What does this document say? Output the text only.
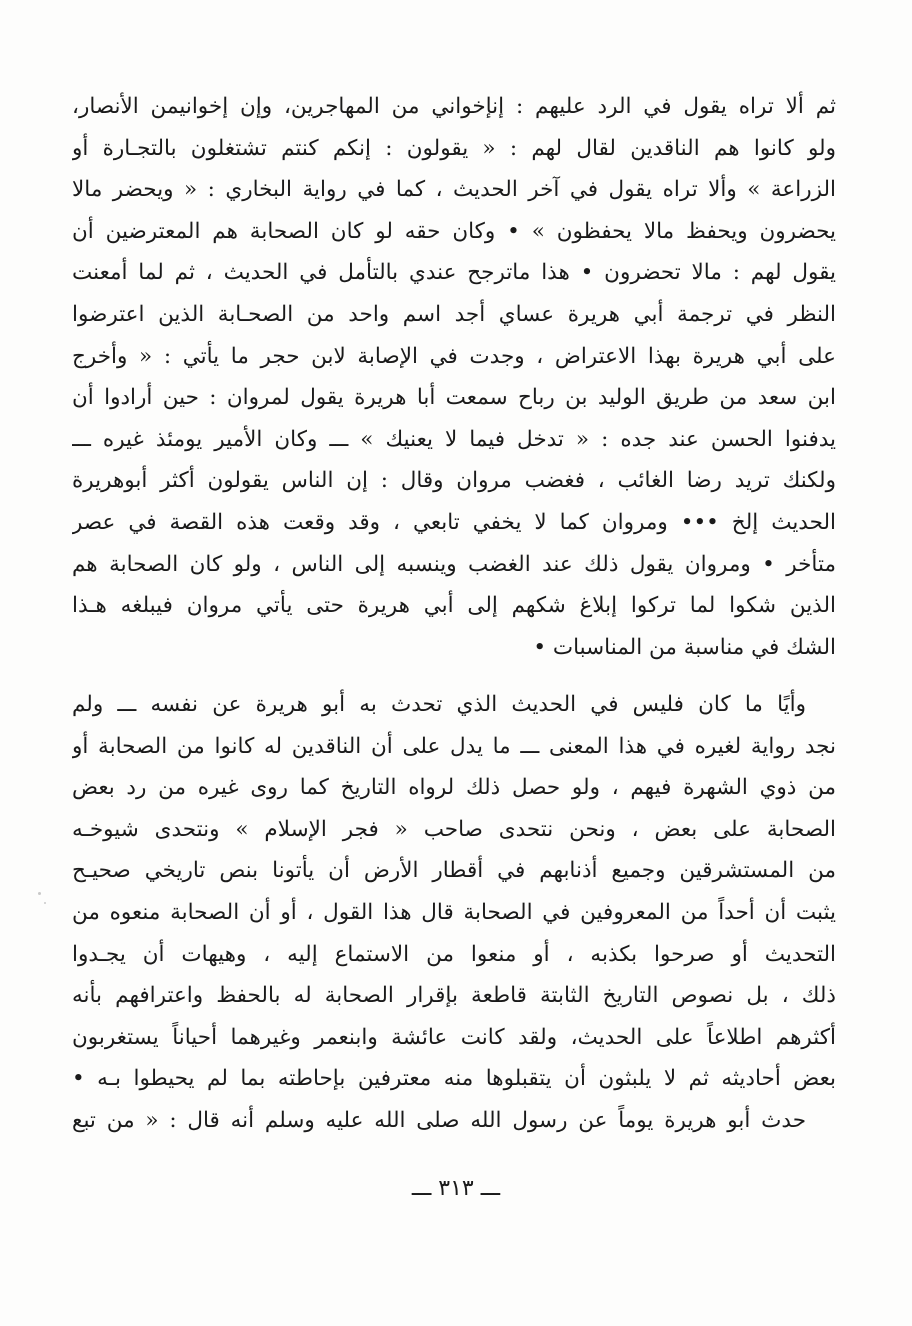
ثم ألا تراه يقول في الرد عليهم : إنإخواني من المهاجرين، وإن إخوانيمن الأنصار،
ولو كانوا هم الناقدين لقال لهم : « يقولون : إنكم كنتم تشتغلون بالتجـارة أو
الزراعة » وألا تراه يقول في آخر الحديث ، كما في رواية البخاري : « ويحضر مالا
يحضرون ويحفظ مالا يحفظون » • وكان حقه لو كان الصحابة هم المعترضين أن
يقول لهم : مالا تحضرون • هذا ماترجح عندي بالتأمل في الحديث ، ثم لما أمعنت
النظر في ترجمة أبي هريرة عساي أجد اسم واحد من الصحـابة الذين اعترضوا
على أبي هريرة بهذا الاعتراض ، وجدت في الإصابة لابن حجر ما يأتي : « وأخرج
ابن سعد من طريق الوليد بن رباح سمعت أبا هريرة يقول لمروان : حين أرادوا أن
يدفنوا الحسن عند جده : « تدخل فيما لا يعنيك » ـــ وكان الأمير يومئذ غيره ـــ
ولكنك تريد رضا الغائب ، فغضب مروان وقال : إن الناس يقولون أكثر أبوهريرة
الحديث إلخ ••• ومروان كما لا يخفي تابعي ، وقد وقعت هذه القصة في عصر
متأخر • ومروان يقول ذلك عند الغضب وينسبه إلى الناس ، ولو كان الصحابة هم
الذين شكوا لما تركوا إبلاغ شكهم إلى أبي هريرة حتى يأتي مروان فيبلغه هـذا
الشك في مناسبة من المناسبات •
وأيًا ما كان فليس في الحديث الذي تحدث به أبو هريرة عن نفسه ـــ ولم
نجد رواية لغيره في هذا المعنى ـــ ما يدل على أن الناقدين له كانوا من الصحابة أو
من ذوي الشهرة فيهم ، ولو حصل ذلك لرواه التاريخ كما روى غيره من رد بعض
الصحابة على بعض ، ونحن نتحدى صاحب « فجر الإسلام » ونتحدى شيوخـه
من المستشرقين وجميع أذنابهم في أقطار الأرض أن يأتونا بنص تاريخي صحيـح
يثبت أن أحداً من المعروفين في الصحابة قال هذا القول ، أو أن الصحابة منعوه من
التحديث أو صرحوا بكذبه ، أو منعوا من الاستماع إليه ، وهيهات أن يجـدوا
ذلك ، بل نصوص التاريخ الثابتة قاطعة بإقرار الصحابة له بالحفظ واعترافهم بأنه
أكثرهم اطلاعاً على الحديث، ولقد كانت عائشة وابنعمر وغيرهما أحياناً يستغربون
بعض أحاديثه ثم لا يلبثون أن يتقبلوها منه معترفين بإحاطته بما لم يحيطوا بـه •
حدث أبو هريرة يوماً عن رسول الله صلى الله عليه وسلم أنه قال : « من تبع
ـــ ٣١٣ ـــ
